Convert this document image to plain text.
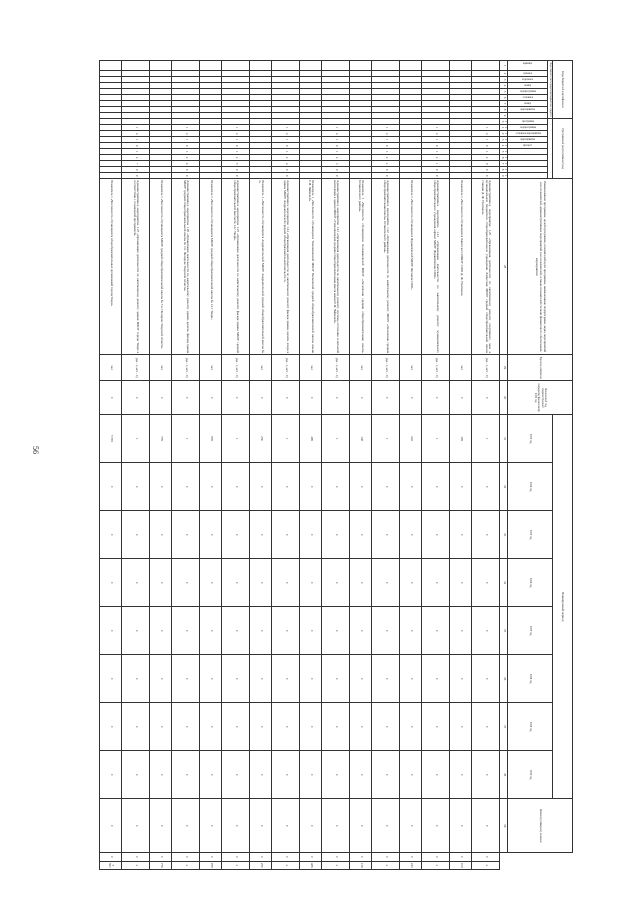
56
Коды бюджетной классификации									Программный (непрограммный) код										Наименование программы, целей программы, показателей цели программы, наименование подпрограмм, задач, мероприятий и их показателей, административных мероприятий и их показателей, а также показателей степени финансового обеспечения мероприятия	Единица измерения	Финансовый год, предшествующий очередному финансовому 2022 год	Планируемый период								Целевое (суммарное) значение		
Код главного распорядителя бюджетных средств																						2023 год	2024 год	2025 год	2026 год	2027 год	2028 год	2029 год	2030 год			

единица	целевое	отдельное	номер	подпрограмма	основное	номер	мероприятие		программа	подпрограмма	основное мероприятие	мероприятие	процесс																			

1	2	3	4	5	6	7	8	9	10	11	12	13	14	15	16	17	18	19	28	29	30	31	32	33	34	35	36	37	38	39		
										1	4	1	0	1	2	0	0	0	Административное мероприятие 1.20 «Организация деятельности по капитальному ремонту спортивного зала в муниципальном бюджетном общеобразовательном учреждении Лаписская МБОУ средней общеобразовательной школы станции Д. Ж. Пунтиков»	(да - 1, нет - 0)	0	1	0	0	0	0	0	0	0	0	0	х
																			Показатель 1 «Численность обучающихся Лаписского ИМОУ СОШ Д. Ж. Пунтиков»	чел	0	109	0	0	0	0	0	0	0	0	0	109
										1	4	1	0	1	2	1	0	0	Административное мероприятие 1.21 «Организация деятельности по капитальному ремонту муниципального общеобразовательного учреждения «Цоинс МБОУ Журавлёвская СОШ»	(да - 1, нет - 0)	0	1	0	0	0	0	0	0	0	0	0	х
																			Показатель 1 «Численность обучающихся Журавлёвской МБОУ Филиала СОШ»	чел	0	243	0	0	0	0	0	0	0	0	0	243
										1	4	1	0	1	2	2	0	0	Административное мероприятие 1.22 «Организация деятельности по капитальному ремонту МБОУ «Лесковская средняя общеобразовательная школа» Ботанического района»	(да - 1, нет - 0)	0	1	0	0	0	0	0	0	0	0	0	х
																			Показатель 1 «Численность обучающихся Колывановской МБОУ «Лесковская средняя общеобразовательная школа» Ботанического района»	чел	0	138	0	0	0	0	0	0	0	0	0	138
										1	4	1	0	1	2	3	0	0	Административное мероприятие 1.23 «Организация деятельности по капитальному ремонту системы отопления и питьевой вентиляции в здании МКОУ «Тимошкинская средняя общеобразовательная школа имени Е.И. Чайковой»	(да - 1, нет - 0)	0	1	0	0	0	0	0	0	0	0	0	х
																			Показатель 1 «Численность обучающихся Тимошкинской МКОУ Вилковской средней общеобразовательной школы имени Е.И. Чайковой»	чел	0	486	0	0	0	0	0	0	0	0	0	486
										1	4	1	0	1	2	4	0	0	Административное мероприятие 1.24 «Организация деятельности по капитальному ремонту фасада здания, кровли, входа в здание МКОУ Андреапольской средней общеобразовательной школы № 3»	(да - 1, нет - 0)	0	1	0	0	0	0	0	0	0	0	0	х
																			Показатель 1 «Численность обучающихся Андреапольской МКОУ Андреапольской средней общеобразовательной школы № 3»	чел	0	250	0	0	0	0	0	0	0	0	0	250
										1	4	1	0	1	2	5	0	0	Административное мероприятие 1.25 «Организация деятельности по капитальному ремонту фасада здания МБОУ средней общеобразовательной школы № 14 г. Твери»	(да - 1, нет - 0)	0	1	0	0	0	0	0	0	0	0	0	х
																			Показатель 1 «Численность обучающихся МБОУ средней общеобразовательной школы № 14 г. Твери»	чел	0	978	0	0	0	0	0	0	0	0	0	978
										1	4	1	0	1	2	6	0	0	Административное мероприятие 1.26 «Организация деятельности по капитальному ремонту здания, кровли, фасада здания МБОУ средней общеобразовательной школы № 3 п. Нелидово Тверской области»	(да - 1, нет - 0)	0	1	0	0	0	0	0	0	0	0	0	х
																			Показатель 1 «Численность обучающихся МБОУ средней общеобразовательной школы № 3 п. Нелидово Тверской области»	чел	0	776	0	0	0	0	0	0	0	0	0	776
										1	4	1	0	1	2	7	0	0	Административное мероприятие 1.27 «Организация деятельности по капитальному ремонту здания МБОУ города Твери в соответствии с социальной программой»	(да - 1, нет - 0)	0	1	0	0	0	0	0	0	0	0	0	х
																			Показатель 1 «Численность обучающихся общеобразовательных организаций города Твери»	чел	0	5 581	0	0	0	0	0	0	0	0	0	5 581
